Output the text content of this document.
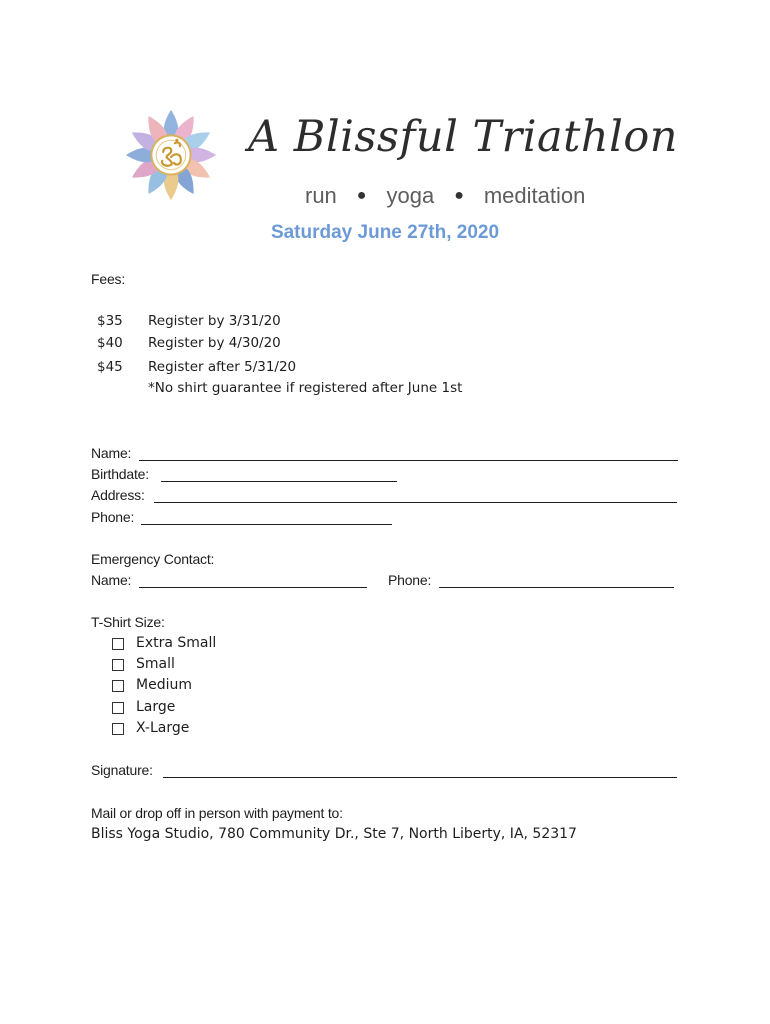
A Blissful Triathlon
run ● yoga ● meditation
Saturday June 27th, 2020
Fees:
$35 Register by 3/31/20
$40 Register by 4/30/20
$45 Register after 5/31/20
*No shirt guarantee if registered after June 1st
Name:
Birthdate:
Address:
Phone:
Emergency Contact:
Name:	Phone:
T-Shirt Size:
Extra Small
Small
Medium
Large
X-Large
Signature:
Mail or drop off in person with payment to:
Bliss Yoga Studio, 780 Community Dr., Ste 7, North Liberty, IA, 52317
